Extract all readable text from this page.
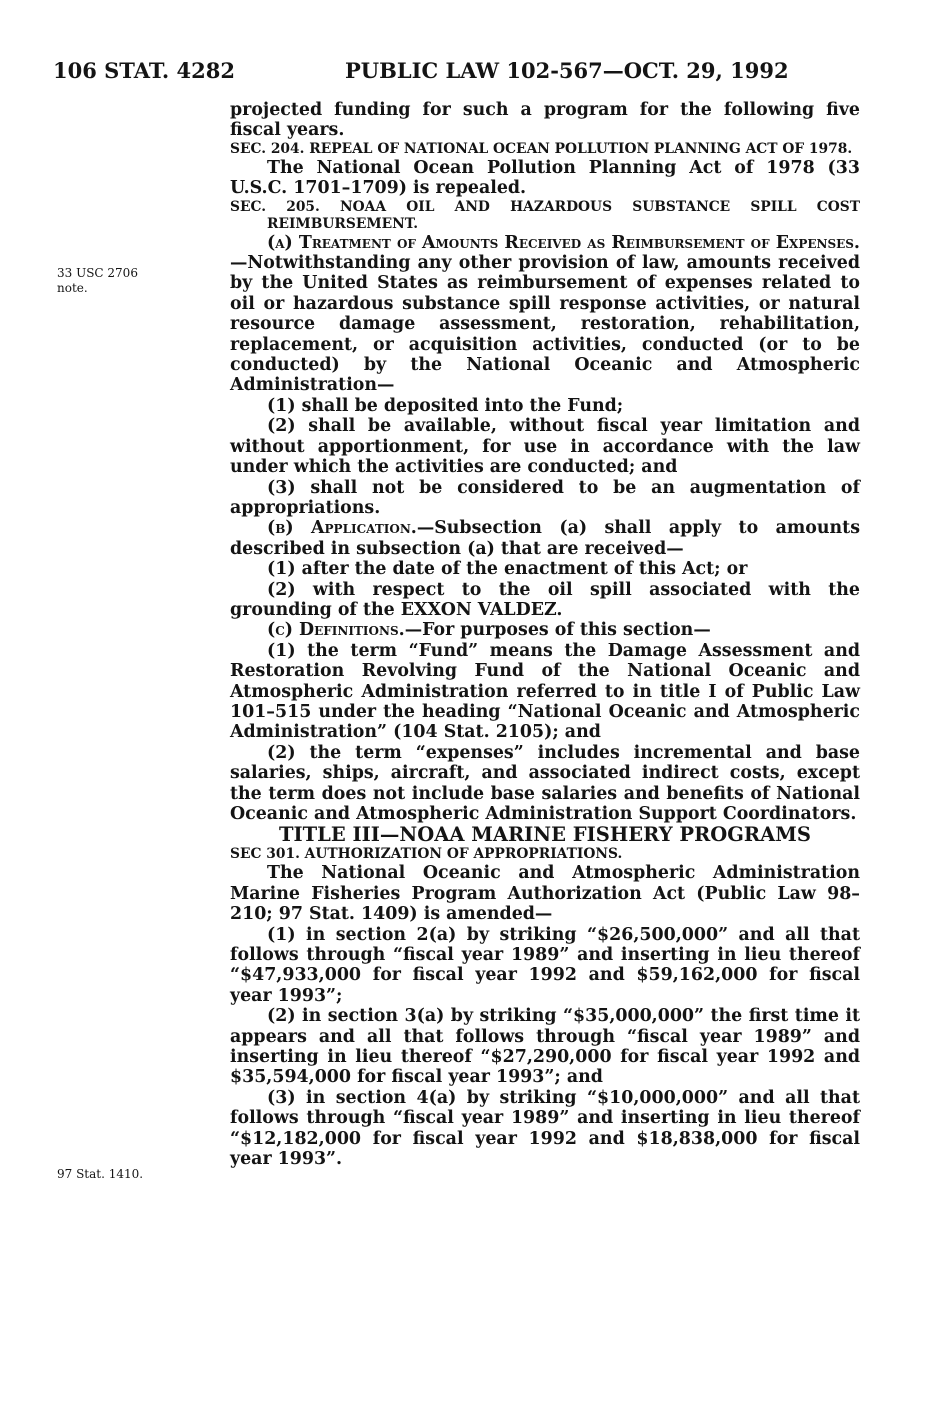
106 STAT. 4282	PUBLIC LAW 102-567—OCT. 29, 1992
33 USC 2706
note.
97 Stat. 1410.

projected funding for such a program for the following five fiscal years.

SEC. 204. REPEAL OF NATIONAL OCEAN POLLUTION PLANNING ACT OF 1978.

The National Ocean Pollution Planning Act of 1978 (33 U.S.C. 1701–1709) is repealed.

SEC. 205. NOAA OIL AND HAZARDOUS SUBSTANCE SPILL COST REIMBURSEMENT.

(a) Treatment of Amounts Received as Reimbursement of Expenses.—Notwithstanding any other provision of law, amounts received by the United States as reimbursement of expenses related to oil or hazardous substance spill response activities, or natural resource damage assessment, restoration, rehabilitation, replacement, or acquisition activities, conducted (or to be conducted) by the National Oceanic and Atmospheric Administration—

(1) shall be deposited into the Fund;

(2) shall be available, without fiscal year limitation and without apportionment, for use in accordance with the law under which the activities are conducted; and

(3) shall not be considered to be an augmentation of appropriations.

(b) Application.—Subsection (a) shall apply to amounts described in subsection (a) that are received—

(1) after the date of the enactment of this Act; or

(2) with respect to the oil spill associated with the grounding of the EXXON VALDEZ.

(c) Definitions.—For purposes of this section—

(1) the term “Fund” means the Damage Assessment and Restoration Revolving Fund of the National Oceanic and Atmospheric Administration referred to in title I of Public Law 101–515 under the heading “National Oceanic and Atmospheric Administration” (104 Stat. 2105); and

(2) the term “expenses” includes incremental and base salaries, ships, aircraft, and associated indirect costs, except the term does not include base salaries and benefits of National Oceanic and Atmospheric Administration Support Coordinators.

TITLE III—NOAA MARINE FISHERY PROGRAMS

SEC 301. AUTHORIZATION OF APPROPRIATIONS.

The National Oceanic and Atmospheric Administration Marine Fisheries Program Authorization Act (Public Law 98–210; 97 Stat. 1409) is amended—

(1) in section 2(a) by striking “$26,500,000” and all that follows through “fiscal year 1989” and inserting in lieu thereof “$47,933,000 for fiscal year 1992 and $59,162,000 for fiscal year 1993”;

(2) in section 3(a) by striking “$35,000,000” the first time it appears and all that follows through “fiscal year 1989” and inserting in lieu thereof “$27,290,000 for fiscal year 1992 and $35,594,000 for fiscal year 1993”; and

(3) in section 4(a) by striking “$10,000,000” and all that follows through “fiscal year 1989” and inserting in lieu thereof “$12,182,000 for fiscal year 1992 and $18,838,000 for fiscal year 1993”.
